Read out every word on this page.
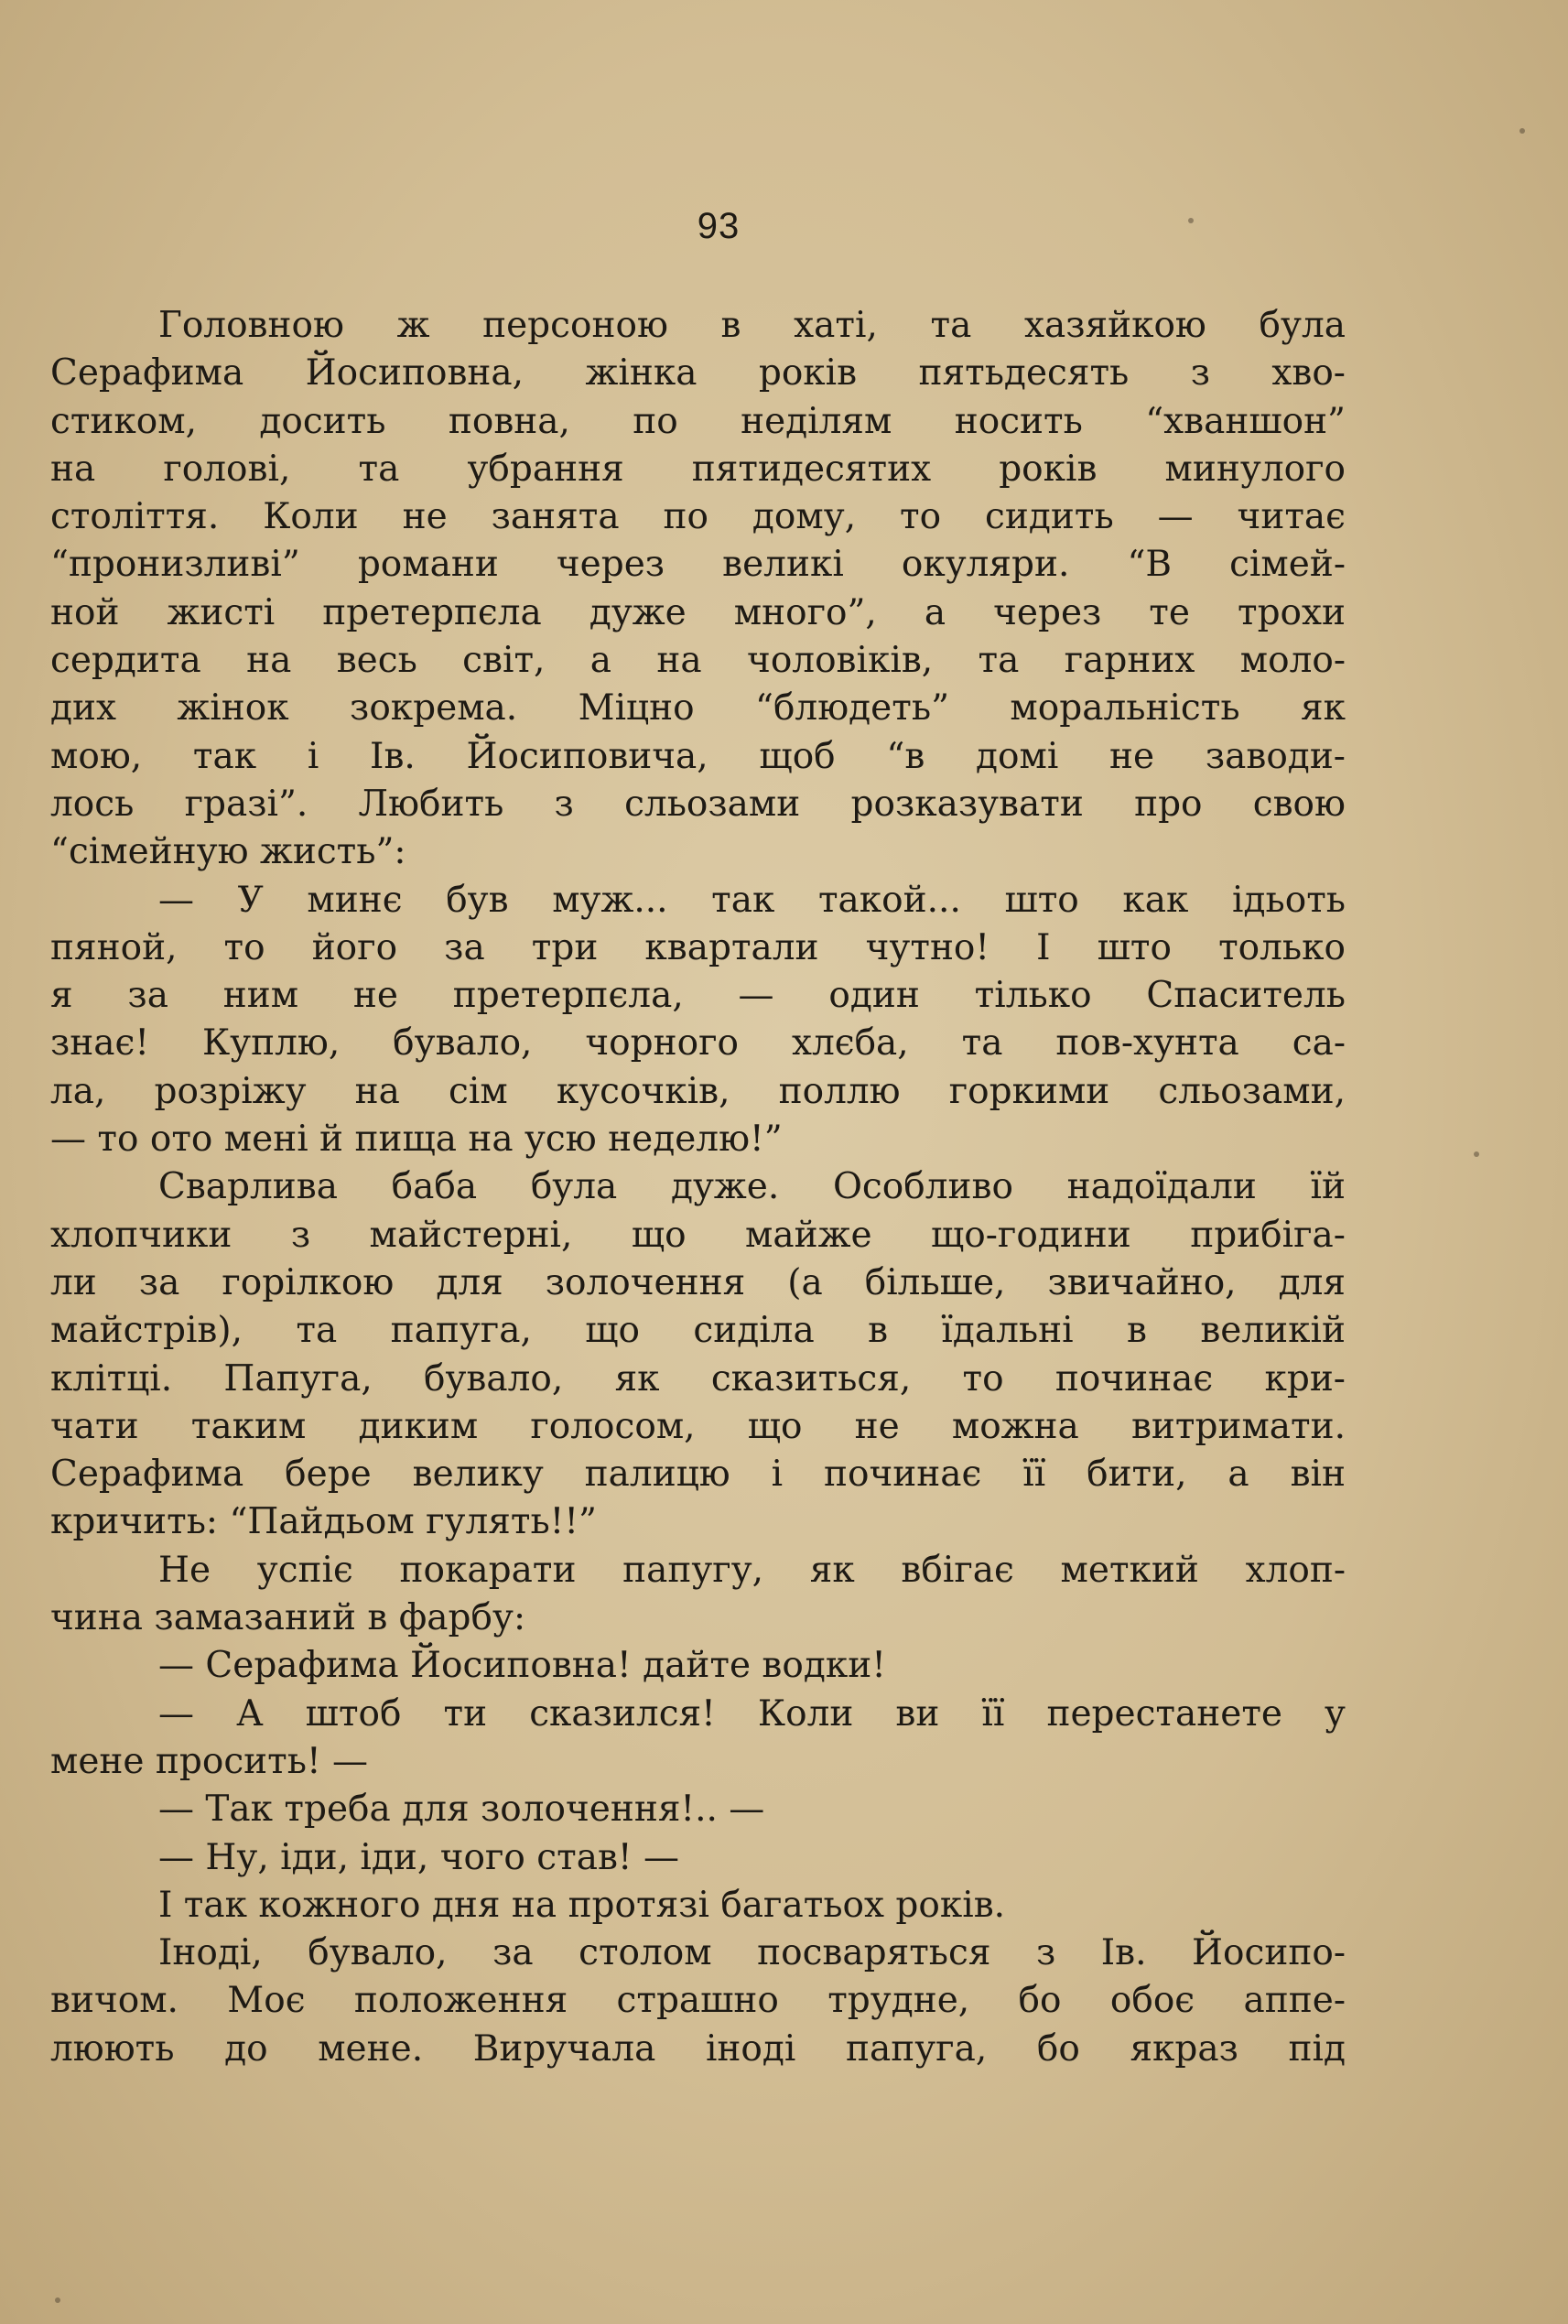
93
Головною ж персоною в хаті, та хазяйкою була
Серафима Йосиповна, жінка років пятьдесять з хво-
стиком, досить повна, по неділям носить “хваншон”
на голові, та убрання пятидесятих років минулого
століття. Коли не занята по дому, то сидить — читає
“пронизливі” романи через великі окуляри. “В сімей-
ной жисті претерпєла дуже много”, а через те трохи
сердита на весь світ, а на чоловіків, та гарних моло-
дих жінок зокрема. Міцно “блюдеть” моральність як
мою, так і Ів. Йосиповича, щоб “в домі не заводи-
лось гразі”. Любить з сльозами розказувати про свою
“сімейную жисть”:
— У минє був муж... так такой... што как ідьоть
пяной, то його за три квартали чутно! І што только
я за ним не претерпєла, — один тілько Спаситель
знає! Куплю, бувало, чорного хлєба, та пов-хунта са-
ла, розріжу на сім кусочків, поллю горкими сльозами,
— то ото мені й пища на усю неделю!”
Сварлива баба була дуже. Особливо надоїдали їй
хлопчики з майстерні, що майже що-години прибіга-
ли за горілкою для золочення (а більше, звичайно, для
майстрів), та папуга, що сиділа в їдальні в великій
клітці. Папуга, бувало, як сказиться, то починає кри-
чати таким диким голосом, що не можна витримати.
Серафима бере велику палицю і починає її бити, а він
кричить: “Пайдьом гулять!!”
Не успіє покарати папугу, як вбігає меткий хлоп-
чина замазаний в фарбу:
— Серафима Йосиповна! дайте водки!
— А штоб ти сказился! Коли ви її перестанете у
мене просить! —
— Так треба для золочення!.. —
— Ну, іди, іди, чого став! —
І так кожного дня на протязі багатьох років.
Іноді, бувало, за столом посваряться з Ів. Йосипо-
вичом. Моє положення страшно трудне, бо обоє аппе-
люють до мене. Виручала іноді папуга, бо якраз під
